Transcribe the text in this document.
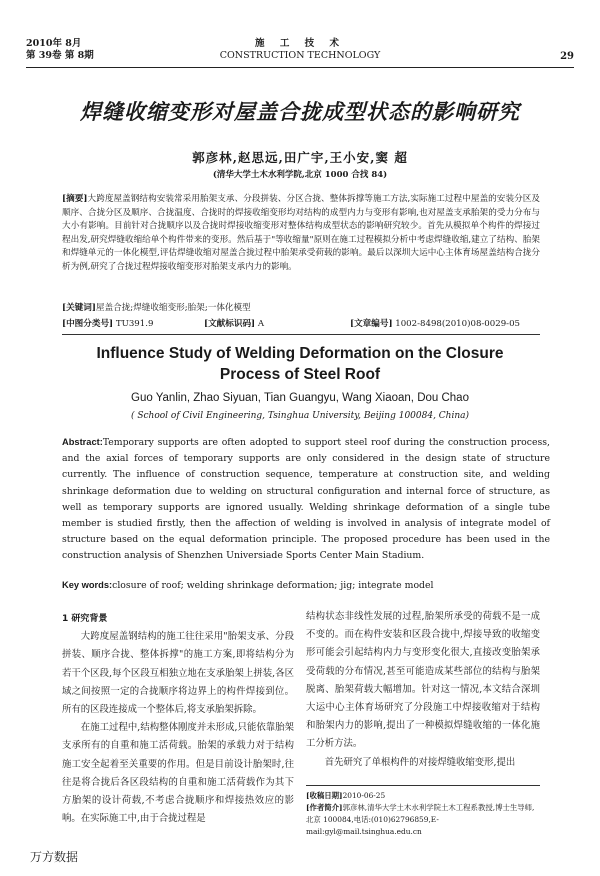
2010年 8月
第 39卷 第 8期
施 工 技 术
CONSTRUCTION TECHNOLOGY	29
焊缝收缩变形对屋盖合拢成型状态的影响研究
郭彦林,赵思远,田广宇,王小安,窦 超
(清华大学土木水利学院,北京 1000 合找 84)
[摘要]大跨度屋盖钢结构安装常采用胎架支承、分段拼装、分区合拢、整体拆撑等施工方法,实际施工过程中屋盖的安装分区及顺序、合拢分区及顺序、合拢温度、合拢时的焊接收缩变形均对结构的成型内力与变形有影响,也对屋盖支承胎架的受力分布与大小有影响。目前针对合拢顺序以及合拢时焊接收缩变形对整体结构成型状态的影响研究较少。首先从模拟单个构件的焊接过程出发,研究焊缝收缩给单个构件带来的变形。然后基于"等收缩量"原则在施工过程模拟分析中考虑焊缝收缩,建立了结构、胎架和焊缝单元的一体化模型,评估焊缝收缩对屋盖合拢过程中胎架承受荷载的影响。最后以深圳大运中心主体育场屋盖结构合拢分析为例,研究了合拢过程焊接收缩变形对胎架支承内力的影响。
[关键词]屋盖合拢;焊缝收缩变形;胎架;一体化模型
[中图分类号] TU391.9	[文献标识码] A	[文章编号] 1002-8498(2010)08-0029-05

Influence Study of Welding Deformation on the Closure
Process of Steel Roof
Guo Yanlin, Zhao Siyuan, Tian Guangyu, Wang Xiaoan, Dou Chao
( School of Civil Engineering, Tsinghua University, Beijing 100084, China)
Abstract:Temporary supports are often adopted to support steel roof during the construction process, and the axial forces of temporary supports are only considered in the design state of structure currently. The influence of construction sequence, temperature at construction site, and welding shrinkage deformation due to welding on structural configuration and internal force of structure, as well as temporary supports are ignored usually. Welding shrinkage deformation of a single tube member is studied firstly, then the affection of welding is involved in analysis of integrate model of structure based on the equal deformation principle. The proposed procedure has been used in the construction analysis of Shenzhen Universiade Sports Center Main Stadium.
Key words:closure of roof; welding shrinkage deformation; jig; integrate model
1 研究背景
大跨度屋盖钢结构的施工往往采用"胎架支承、分段拼装、顺序合拢、整体拆撑"的施工方案,即将结构分为若干个区段,每个区段互相独立地在支承胎架上拼装,各区域之间按照一定的合拢顺序将边界上的构件焊接到位。所有的区段连接成一个整体后,将支承胎架拆除。
在施工过程中,结构整体刚度并未形成,只能依靠胎架支承所有的自重和施工活荷载。胎架的承载力对于结构施工安全起着至关重要的作用。但是目前设计胎架时,往往是将合拢后各区段结构的自重和施工活荷载作为其下方胎架的设计荷载,不考虑合拢顺序和焊接热效应的影响。在实际施工中,由于合拢过程是
结构状态非线性发展的过程,胎架所承受的荷载不是一成不变的。而在构件安装和区段合拢中,焊接导致的收缩变形可能会引起结构内力与变形变化很大,直接改变胎架承受荷载的分布情况,甚至可能造成某些部位的结构与胎架脱离、胎架荷载大幅增加。针对这一情况,本文结合深圳大运中心主体育场研究了分段施工中焊接收缩对于结构和胎架内力的影响,提出了一种模拟焊缝收缩的一体化施工分析方法。
首先研究了单根构件的对接焊缝收缩变形,提出
[收稿日期]2010-06-25
[作者简介]郭彦林,清华大学土木水利学院土木工程系教授,博士生导师,北京 100084,电话:(010)62796859,E-mail:gyl@mail.tsinghua.edu.cn
万方数据
